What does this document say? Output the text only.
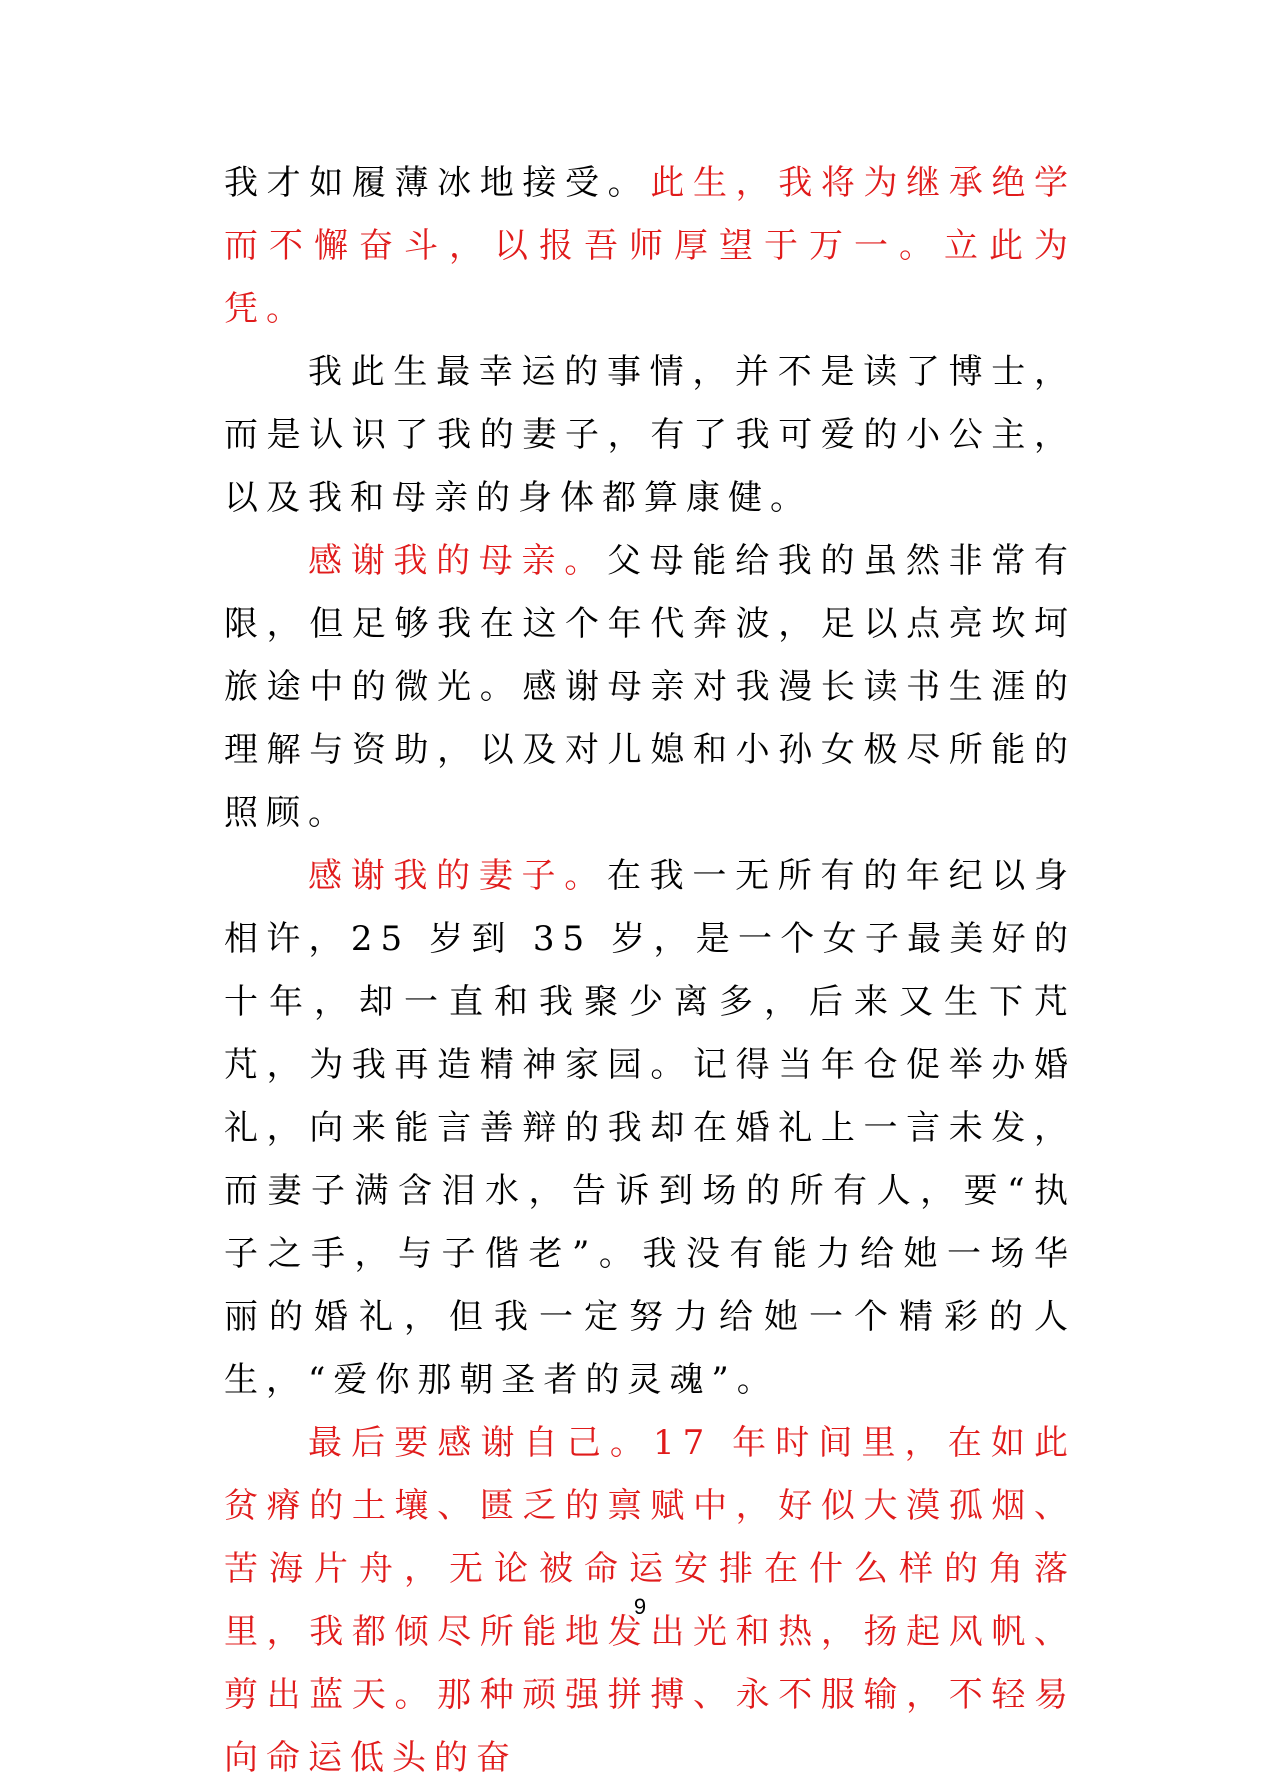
我才如履薄冰地接受。此生，我将为继承绝学而不懈奋斗，以报吾师厚望于万一。立此为凭。

我此生最幸运的事情，并不是读了博士，而是认识了我的妻子，有了我可爱的小公主，以及我和母亲的身体都算康健。

感谢我的母亲。父母能给我的虽然非常有限，但足够我在这个年代奔波，足以点亮坎坷旅途中的微光。感谢母亲对我漫长读书生涯的理解与资助，以及对儿媳和小孙女极尽所能的照顾。

感谢我的妻子。在我一无所有的年纪以身相许，25 岁到 35 岁，是一个女子最美好的十年，却一直和我聚少离多，后来又生下芃芃，为我再造精神家园。记得当年仓促举办婚礼，向来能言善辩的我却在婚礼上一言未发，而妻子满含泪水，告诉到场的所有人，要“执子之手，与子偕老”。我没有能力给她一场华丽的婚礼，但我一定努力给她一个精彩的人生，“爱你那朝圣者的灵魂”。

最后要感谢自己。17 年时间里，在如此贫瘠的土壤、匮乏的禀赋中，好似大漠孤烟、苦海片舟，无论被命运安排在什么样的角落里，我都倾尽所能地发出光和热，扬起风帆、剪出蓝天。那种顽强拼搏、永不服输，不轻易向命运低头的奋

9
